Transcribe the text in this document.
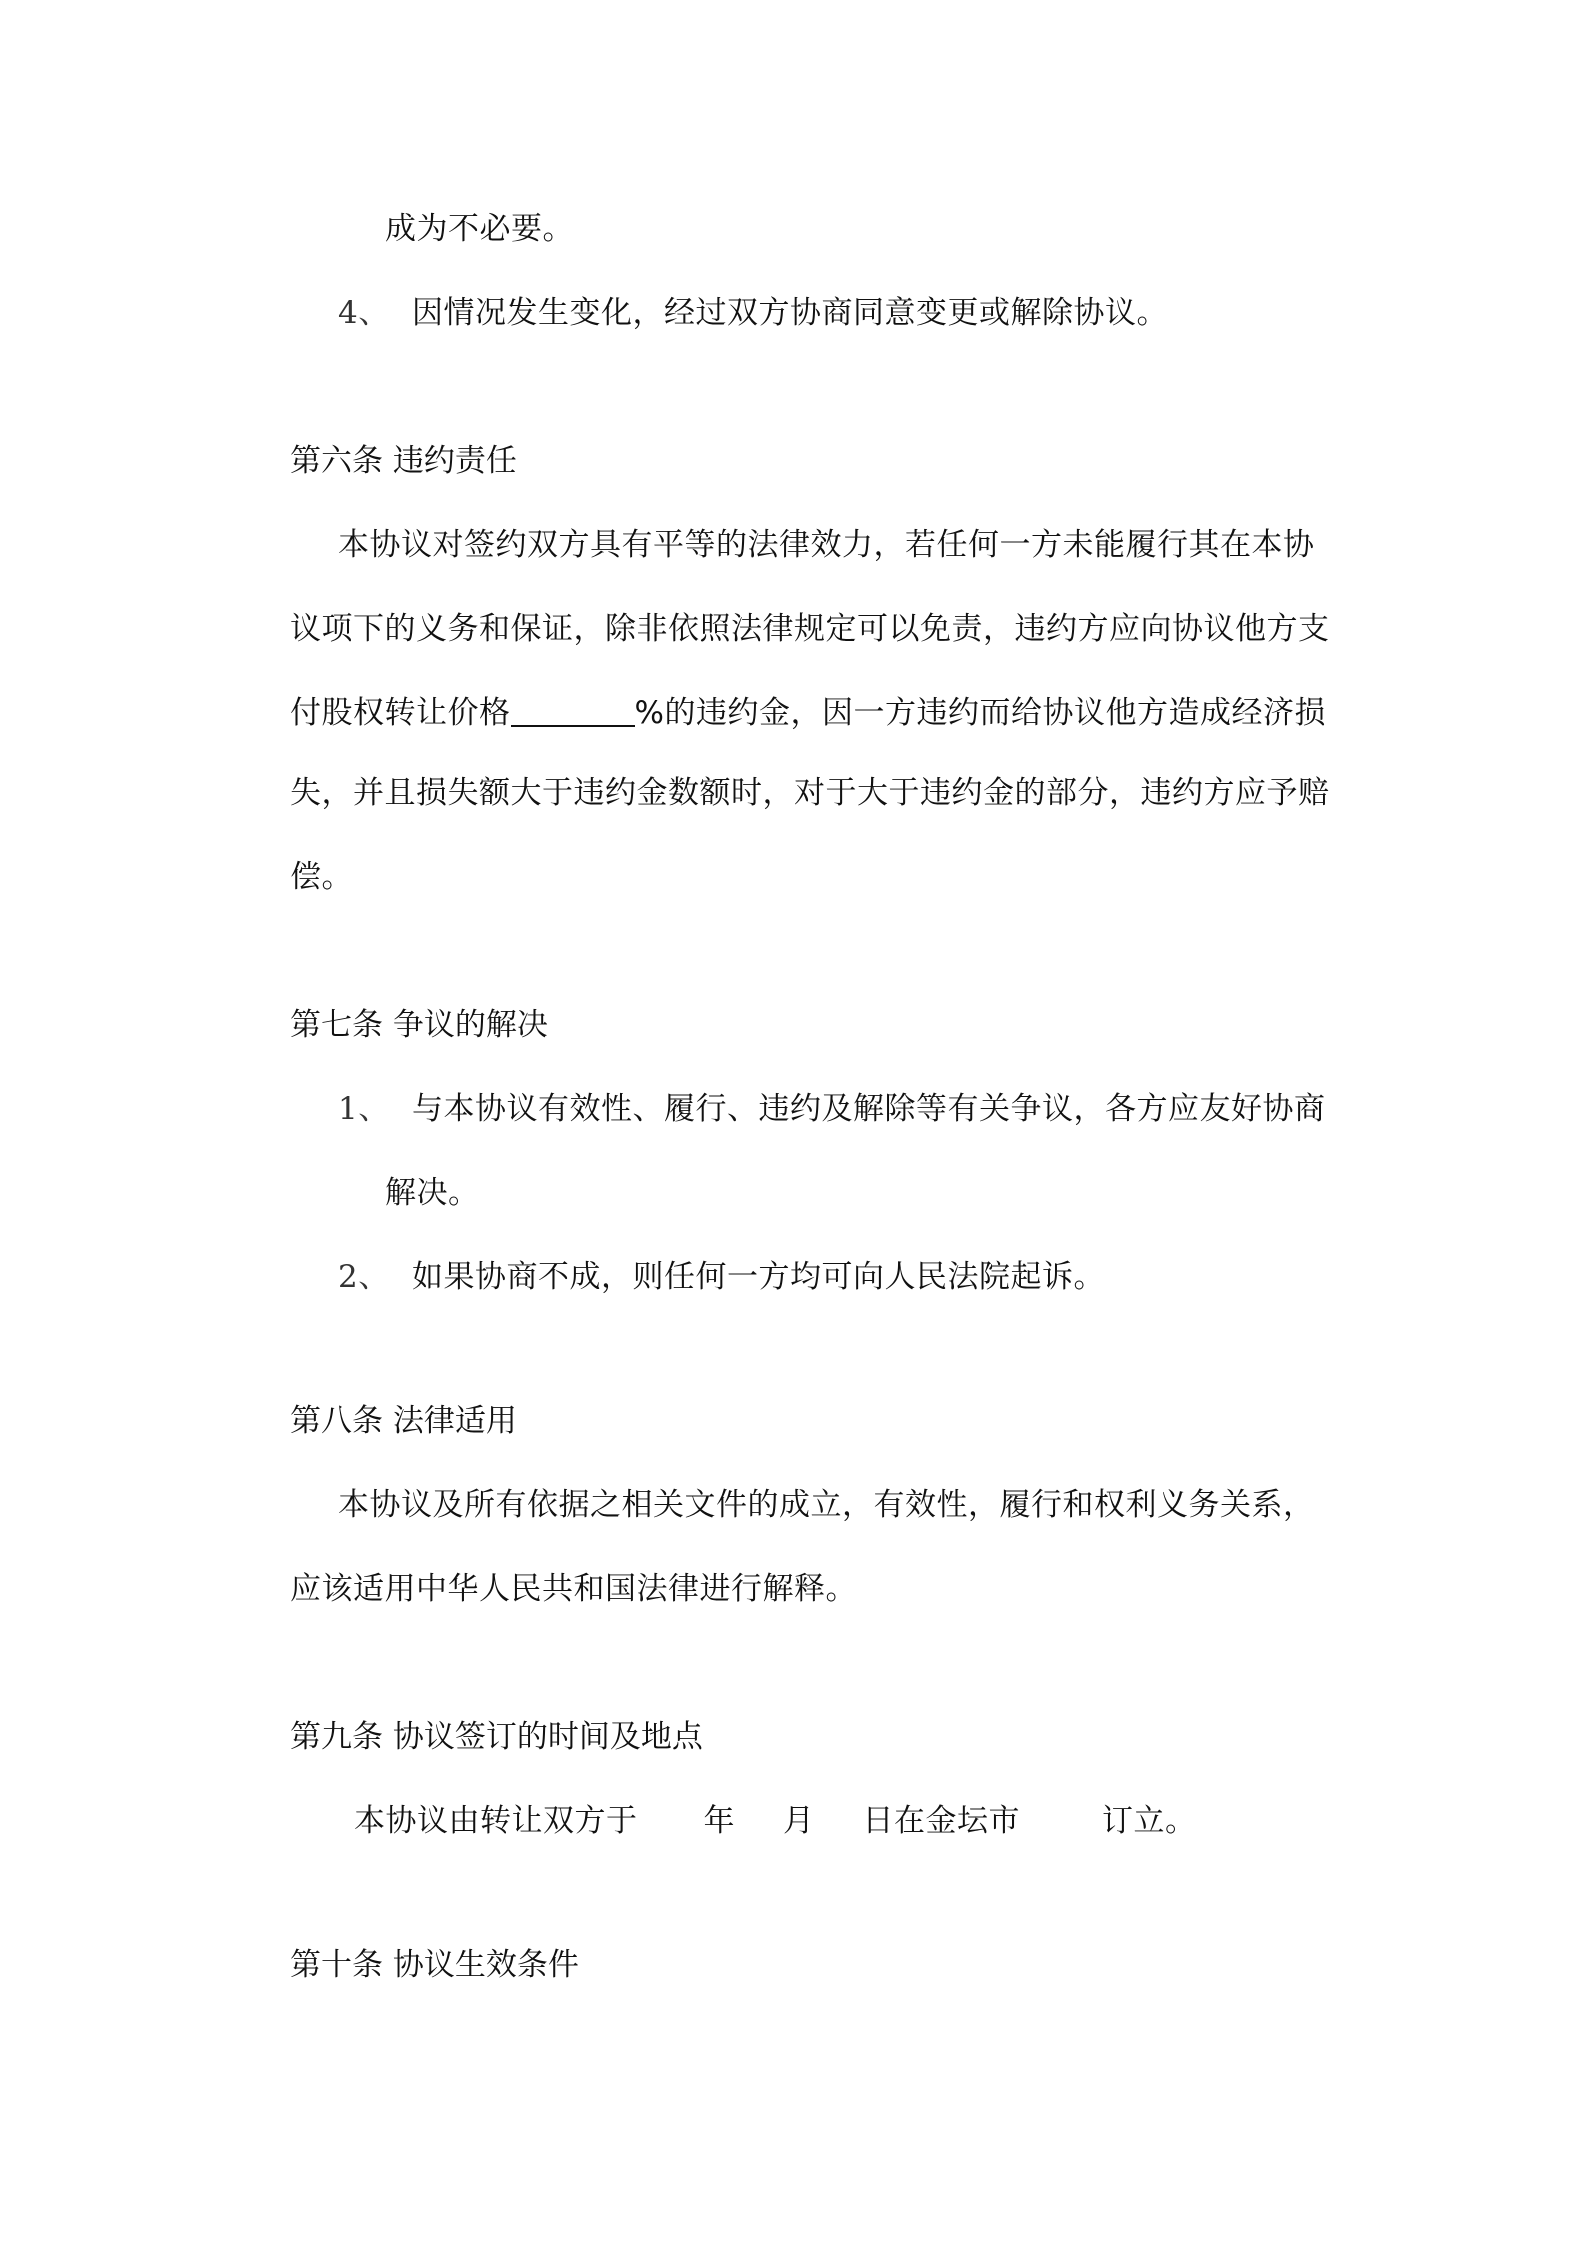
成为不必要。
4、 因情况发生变化，经过双方协商同意变更或解除协议。
第六条 违约责任
本协议对签约双方具有平等的法律效力，若任何一方未能履行其在本协
议项下的义务和保证，除非依照法律规定可以免责，违约方应向协议他方支
付股权转让价格	%的违约金，因一方违约而给协议他方造成经济损
失，并且损失额大于违约金数额时，对于大于违约金的部分，违约方应予赔
偿。
第七条 争议的解决
1、 与本协议有效性、履行、违约及解除等有关争议，各方应友好协商
解决。
2、 如果协商不成，则任何一方均可向人民法院起诉。
第八条 法律适用
本协议及所有依据之相关文件的成立，有效性，履行和权利义务关系，
应该适用中华人民共和国法律进行解释。
第九条 协议签订的时间及地点
本协议由转让双方于 年 月 日在金坛市	订立。
第十条 协议生效条件
